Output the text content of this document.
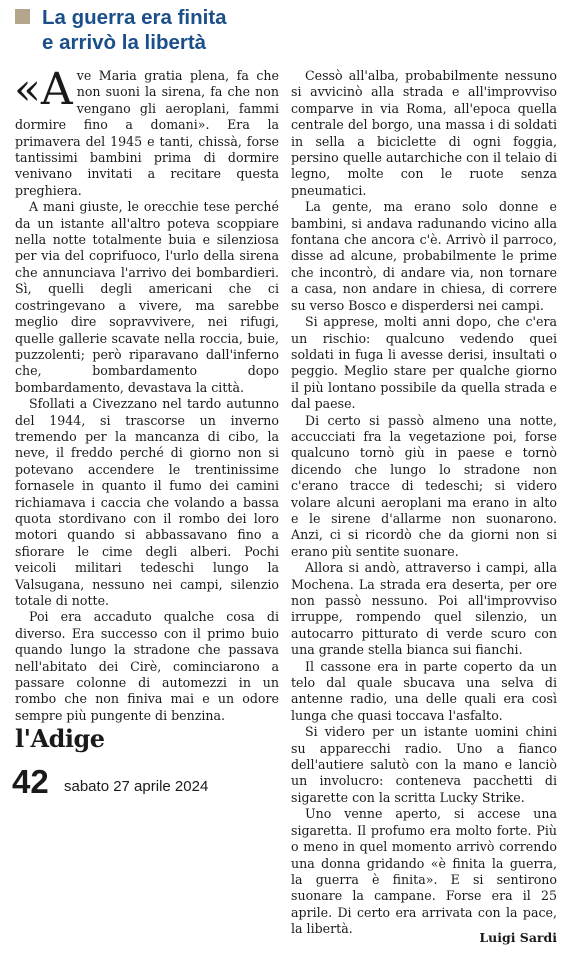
La guerra era finita
e arrivò la libertà

«Ave Maria gratia plena, fa che non suoni la sirena, fa che non vengano gli aeroplani, fammi dormire fino a domani». Era la primavera del 1945 e tanti, chissà, forse tantissimi bambini prima di dormire venivano invitati a recitare questa preghiera.

A mani giuste, le orecchie tese perché da un istante all'altro poteva scoppiare nella notte totalmente buia e silenziosa per via del coprifuoco, l'urlo della sirena che annunciava l'arrivo dei bombardieri. Sì, quelli degli americani che ci costringevano a vivere, ma sarebbe meglio dire sopravvivere, nei rifugi, quelle gallerie scavate nella roccia, buie, puzzolenti; però riparavano dall'inferno che, bombardamento dopo bombardamento, devastava la città.

Sfollati a Civezzano nel tardo autunno del 1944, si trascorse un inverno tremendo per la mancanza di cibo, la neve, il freddo perché di giorno non si potevano accendere le trentinissime fornasele in quanto il fumo dei camini richiamava i caccia che volando a bassa quota stordivano con il rombo dei loro motori quando si abbassavano fino a sfiorare le cime degli alberi. Pochi veicoli militari tedeschi lungo la Valsugana, nessuno nei campi, silenzio totale di notte.

Poi era accaduto qualche cosa di diverso. Era successo con il primo buio quando lungo la stradone che passava nell'abitato dei Cirè, cominciarono a passare colonne di automezzi in un rombo che non finiva mai e un odore sempre più pungente di benzina.

Cessò all'alba, probabilmente nessuno si avvicinò alla strada e all'improvviso comparve in via Roma, all'epoca quella centrale del borgo, una massa i di soldati in sella a biciclette di ogni foggia, persino quelle autarchiche con il telaio di legno, molte con le ruote senza pneumatici.

La gente, ma erano solo donne e bambini, si andava radunando vicino alla fontana che ancora c'è. Arrivò il parroco, disse ad alcune, probabilmente le prime che incontrò, di andare via, non tornare a casa, non andare in chiesa, di correre su verso Bosco e disperdersi nei campi.

Si apprese, molti anni dopo, che c'era un rischio: qualcuno vedendo quei soldati in fuga li avesse derisi, insultati o peggio. Meglio stare per qualche giorno il più lontano possibile da quella strada e dal paese.

Di certo si passò almeno una notte, accucciati fra la vegetazione poi, forse qualcuno tornò giù in paese e tornò dicendo che lungo lo stradone non c'erano tracce di tedeschi; si videro volare alcuni aeroplani ma erano in alto e le sirene d'allarme non suonarono. Anzi, ci si ricordò che da giorni non si erano più sentite suonare.

Allora si andò, attraverso i campi, alla Mochena. La strada era deserta, per ore non passò nessuno. Poi all'improvviso irruppe, rompendo quel silenzio, un autocarro pitturato di verde scuro con una grande stella bianca sui fianchi.

Il cassone era in parte coperto da un telo dal quale sbucava una selva di antenne radio, una delle quali era così lunga che quasi toccava l'asfalto.

Si videro per un istante uomini chini su apparecchi radio. Uno a fianco dell'autiere salutò con la mano e lanciò un involucro: conteneva pacchetti di sigarette con la scritta Lucky Strike.

Uno venne aperto, si accese una sigaretta. Il profumo era molto forte. Più o meno in quel momento arrivò correndo una donna gridando «è finita la guerra, la guerra è finita». E si sentirono suonare la campane. Forse era il 25 aprile. Di certo era arrivata con la pace, la libertà.

l'Adige
42 sabato 27 aprile 2024
Luigi Sardi
